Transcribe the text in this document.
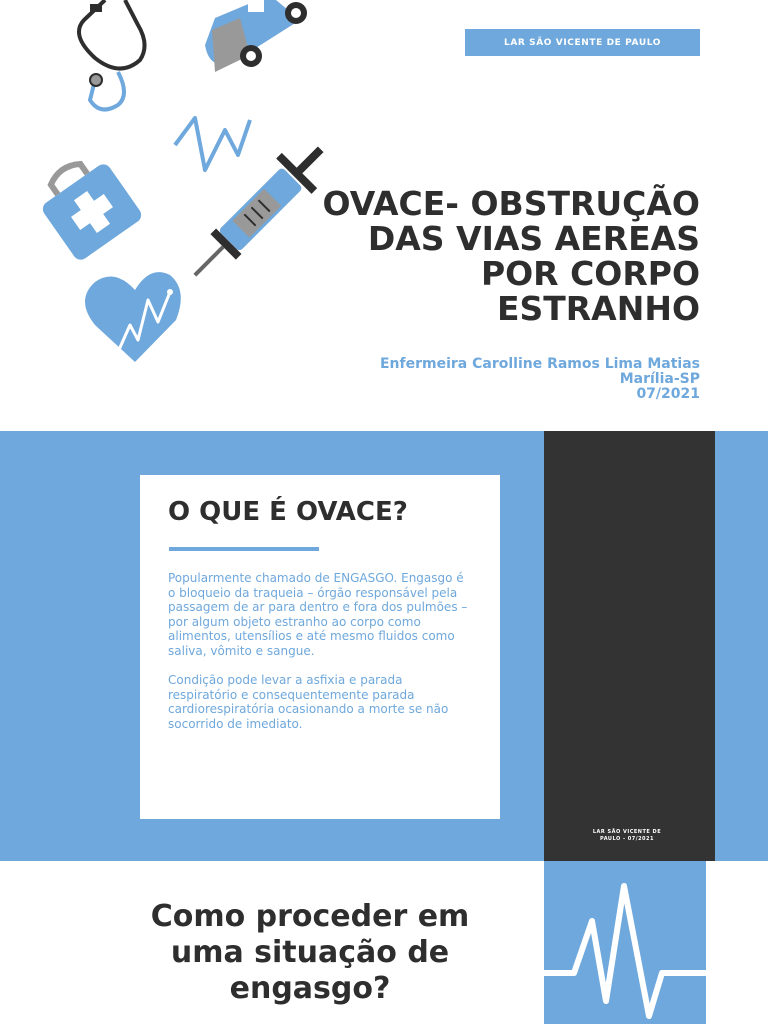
LAR SÃO VICENTE DE PAULO
OVACE- OBSTRUÇÃO
DAS VIAS AEREAS
POR CORPO
ESTRANHO
Enfermeira Carolline Ramos Lima Matias
Marília-SP
07/2021
LAR SÃO VICENTE DE
PAULO - 07/2021
O QUE É OVACE?

Popularmente chamado de ENGASGO. Engasgo é o bloqueio da traqueia – órgão responsável pela passagem de ar para dentro e fora dos pulmões – por algum objeto estranho ao corpo como alimentos, utensílios e até mesmo fluidos como saliva, vômito e sangue.

Condição pode levar a asfixia e parada respiratório e consequentemente parada cardiorespiratória ocasionando a morte se não socorrido de imediato.

Como proceder em
uma situação de
engasgo?
